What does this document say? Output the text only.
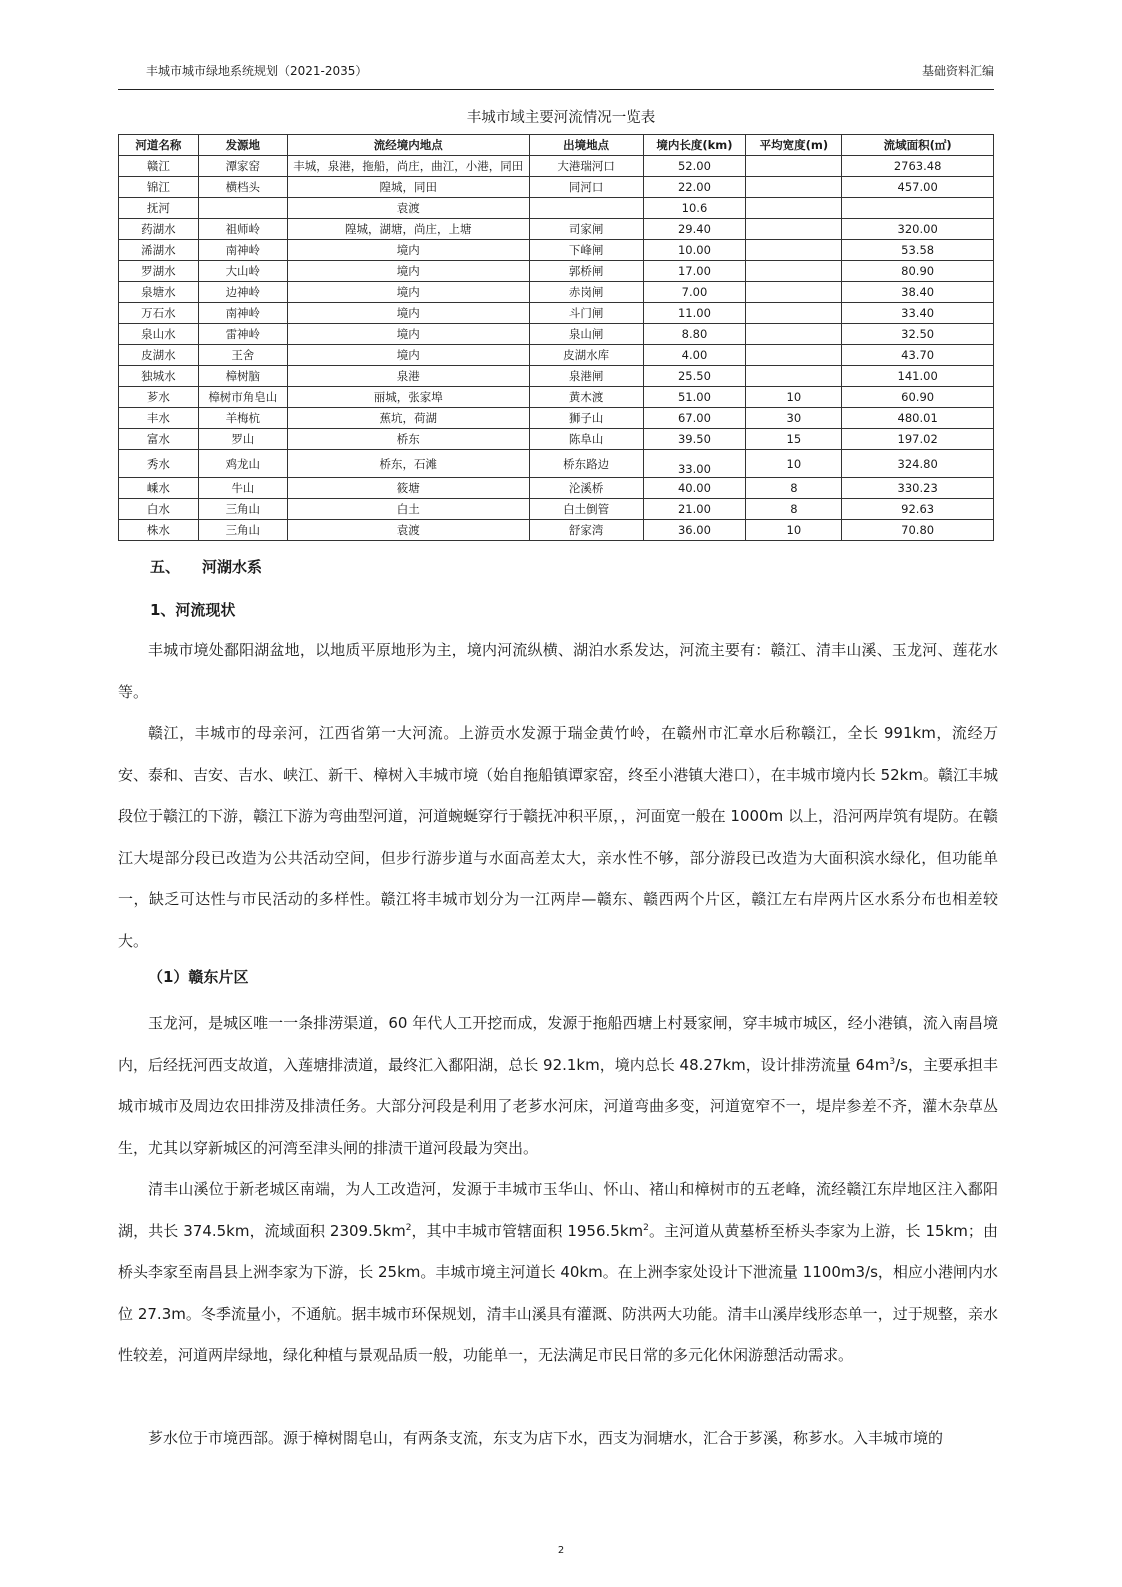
丰城市城市绿地系统规划（2021-2035）	基础资料汇编
丰城市域主要河流情况一览表
河道名称	发源地	流经境内地点	出境地点	境内长度(km)	平均宽度(m)	流域面积(㎡)
赣江	潭家窑	丰城，泉港，拖船，尚庄，曲江，小港，同田	大港瑞河口	52.00		2763.48
锦江	横档头	隍城，同田	同河口	22.00		457.00
抚河		袁渡		10.6		
药湖水	祖师岭	隍城，湖塘，尚庄，上塘	司家闸	29.40		320.00
浠湖水	南神岭	境内	下峰闸	10.00		53.58
罗湖水	大山岭	境内	郭桥闸	17.00		80.90
泉塘水	边神岭	境内	赤岗闸	7.00		38.40
万石水	南神岭	境内	斗门闸	11.00		33.40
泉山水	雷神岭	境内	泉山闸	8.80		32.50
皮湖水	王舍	境内	皮湖水库	4.00		43.70
独城水	樟树脑	泉港	泉港闸	25.50		141.00
芗水	樟树市角皂山	丽城，张家埠	黄木渡	51.00	10	60.90
丰水	羊梅杭	蕉坑，荷湖	狮子山	67.00	30	480.01
富水	罗山	桥东	陈阜山	39.50	15	197.02
秀水	鸡龙山	桥东，石滩	桥东路边	33.00	10	324.80
嵊水	牛山	筱塘	沦溪桥	40.00	8	330.23
白水	三角山	白土	白土倒管	21.00	8	92.63
株水	三角山	袁渡	舒家湾	36.00	10	70.80
五、 河湖水系
1、河流现状

丰城市境处鄱阳湖盆地，以地质平原地形为主，境内河流纵横、湖泊水系发达，河流主要有：赣江、清丰山溪、玉龙河、莲花水等。

赣江，丰城市的母亲河，江西省第一大河流。上游贡水发源于瑞金黄竹岭，在赣州市汇章水后称赣江，全长 991km，流经万安、泰和、吉安、吉水、峡江、新干、樟树入丰城市境（始自拖船镇谭家窑，终至小港镇大港口），在丰城市境内长 52km。赣江丰城段位于赣江的下游，赣江下游为弯曲型河道，河道蜿蜒穿行于赣抚冲积平原，，河面宽一般在 1000m 以上，沿河两岸筑有堤防。在赣江大堤部分段已改造为公共活动空间，但步行游步道与水面高差太大，亲水性不够，部分游段已改造为大面积滨水绿化，但功能单一，缺乏可达性与市民活动的多样性。赣江将丰城市划分为一江两岸—赣东、赣西两个片区，赣江左右岸两片区水系分布也相差较大。

（1）赣东片区

玉龙河，是城区唯一一条排涝渠道，60 年代人工开挖而成，发源于拖船西塘上村聂家闸，穿丰城市城区，经小港镇，流入南昌境内，后经抚河西支故道，入莲塘排渍道，最终汇入鄱阳湖，总长 92.1km，境内总长 48.27km，设计排涝流量 $64m^3/s$，主要承担丰城市城市及周边农田排涝及排渍任务。大部分河段是利用了老芗水河床，河道弯曲多变，河道宽窄不一，堤岸参差不齐，灌木杂草丛生，尤其以穿新城区的河湾至津头闸的排渍干道河段最为突出。

清丰山溪位于新老城区南端，为人工改造河，发源于丰城市玉华山、怀山、褚山和樟树市的五老峰，流经赣江东岸地区注入鄱阳湖，共长 374.5km，流域面积 $2309.5km^2$，其中丰城市管辖面积 $1956.5km^2$。主河道从黄墓桥至桥头李家为上游，长 15km；由桥头李家至南昌县上洲李家为下游，长 25km。丰城市境主河道长 40km。在上洲李家处设计下泄流量 1100m3/s，相应小港闸内水位 27.3m。冬季流量小，不通航。据丰城市环保规划，清丰山溪具有灌溉、防洪两大功能。清丰山溪岸线形态单一，过于规整，亲水性较差，河道两岸绿地，绿化种植与景观品质一般，功能单一，无法满足市民日常的多元化休闲游憩活动需求。

芗水位于市境西部。源于樟树閤皂山，有两条支流，东支为店下水，西支为洞塘水，汇合于芗溪，称芗水。入丰城市境的

2
